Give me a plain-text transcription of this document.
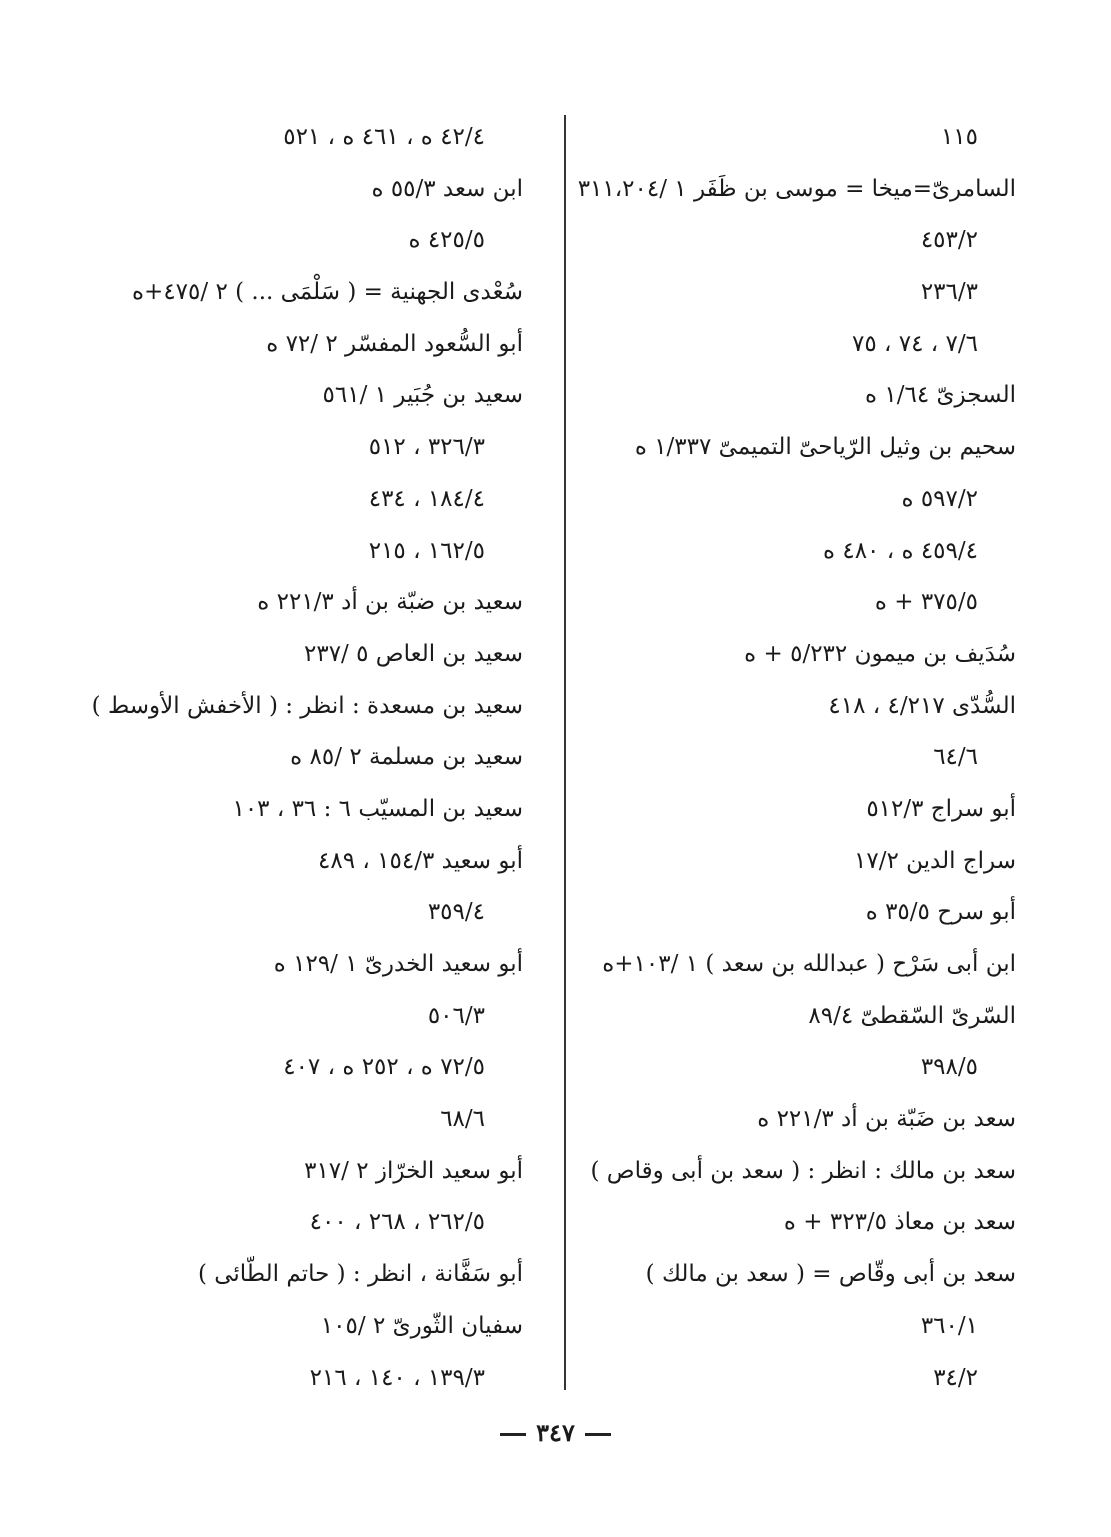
١١٥
السامرىّ=ميخا = موسى بن ظَفَر ١ /٣١١،٢٠٤
٤٥٣/٢
٢٣٦/٣
٧/٦ ، ٧٤ ، ٧٥
السجزىّ ١/٦٤ ه
سحيم بن وثيل الرّياحىّ التميمىّ ١/٣٣٧ ه
٥٩٧/٢ ه
٤٥٩/٤ ه ، ٤٨٠ ه
٣٧٥/٥ + ه
سُدَيف بن ميمون ٥/٢٣٢ + ه
السُّدّى ٤/٢١٧ ، ٤١٨
٦٤/٦
أبو سراج ٥١٢/٣
سراج الدين ١٧/٢
أبو سرح ٣٥/٥ ه
ابن أبى سَرْح ( عبدالله بن سعد ) ١ /١٠٣+ه
السّرىّ السّقطىّ ٨٩/٤
٣٩٨/٥
سعد بن ضَبّة بن أد ٢٢١/٣ ه
سعد بن مالك : انظر : ( سعد بن أبى وقاص )
سعد بن معاذ ٣٢٣/٥ + ه
سعد بن أبى وقّاص = ( سعد بن مالك )
٣٦٠/١
٣٤/٢
٤٢/٤ ه ، ٤٦١ ه ، ٥٢١
ابن سعد ٥٥/٣ ه
٤٢٥/٥ ه
سُعْدى الجهنية = ( سَلْمَى ... ) ٢ /٤٧٥+ه
أبو السُّعود المفسّر ٢ /٧٢ ه
سعيد بن جُبَير ١ /٥٦١
٣٢٦/٣ ، ٥١٢
١٨٤/٤ ، ٤٣٤
١٦٢/٥ ، ٢١٥
سعيد بن ضبّة بن أد ٢٢١/٣ ه
سعيد بن العاص ٥ /٢٣٧
سعيد بن مسعدة : انظر : ( الأخفش الأوسط )
سعيد بن مسلمة ٢ /٨٥ ه
سعيد بن المسيّب ٦ : ٣٦ ، ١٠٣
أبو سعيد ١٥٤/٣ ، ٤٨٩
٣٥٩/٤
أبو سعيد الخدرىّ ١ /١٢٩ ه
٥٠٦/٣
٧٢/٥ ه ، ٢٥٢ ه ، ٤٠٧
٦٨/٦
أبو سعيد الخرّاز ٢ /٣١٧
٢٦٢/٥ ، ٢٦٨ ، ٤٠٠
أبو سَفَّانة ، انظر : ( حاتم الطّائى )
سفيان الثّورىّ ٢ /١٠٥
١٣٩/٣ ، ١٤٠ ، ٢١٦
٣٤٧
